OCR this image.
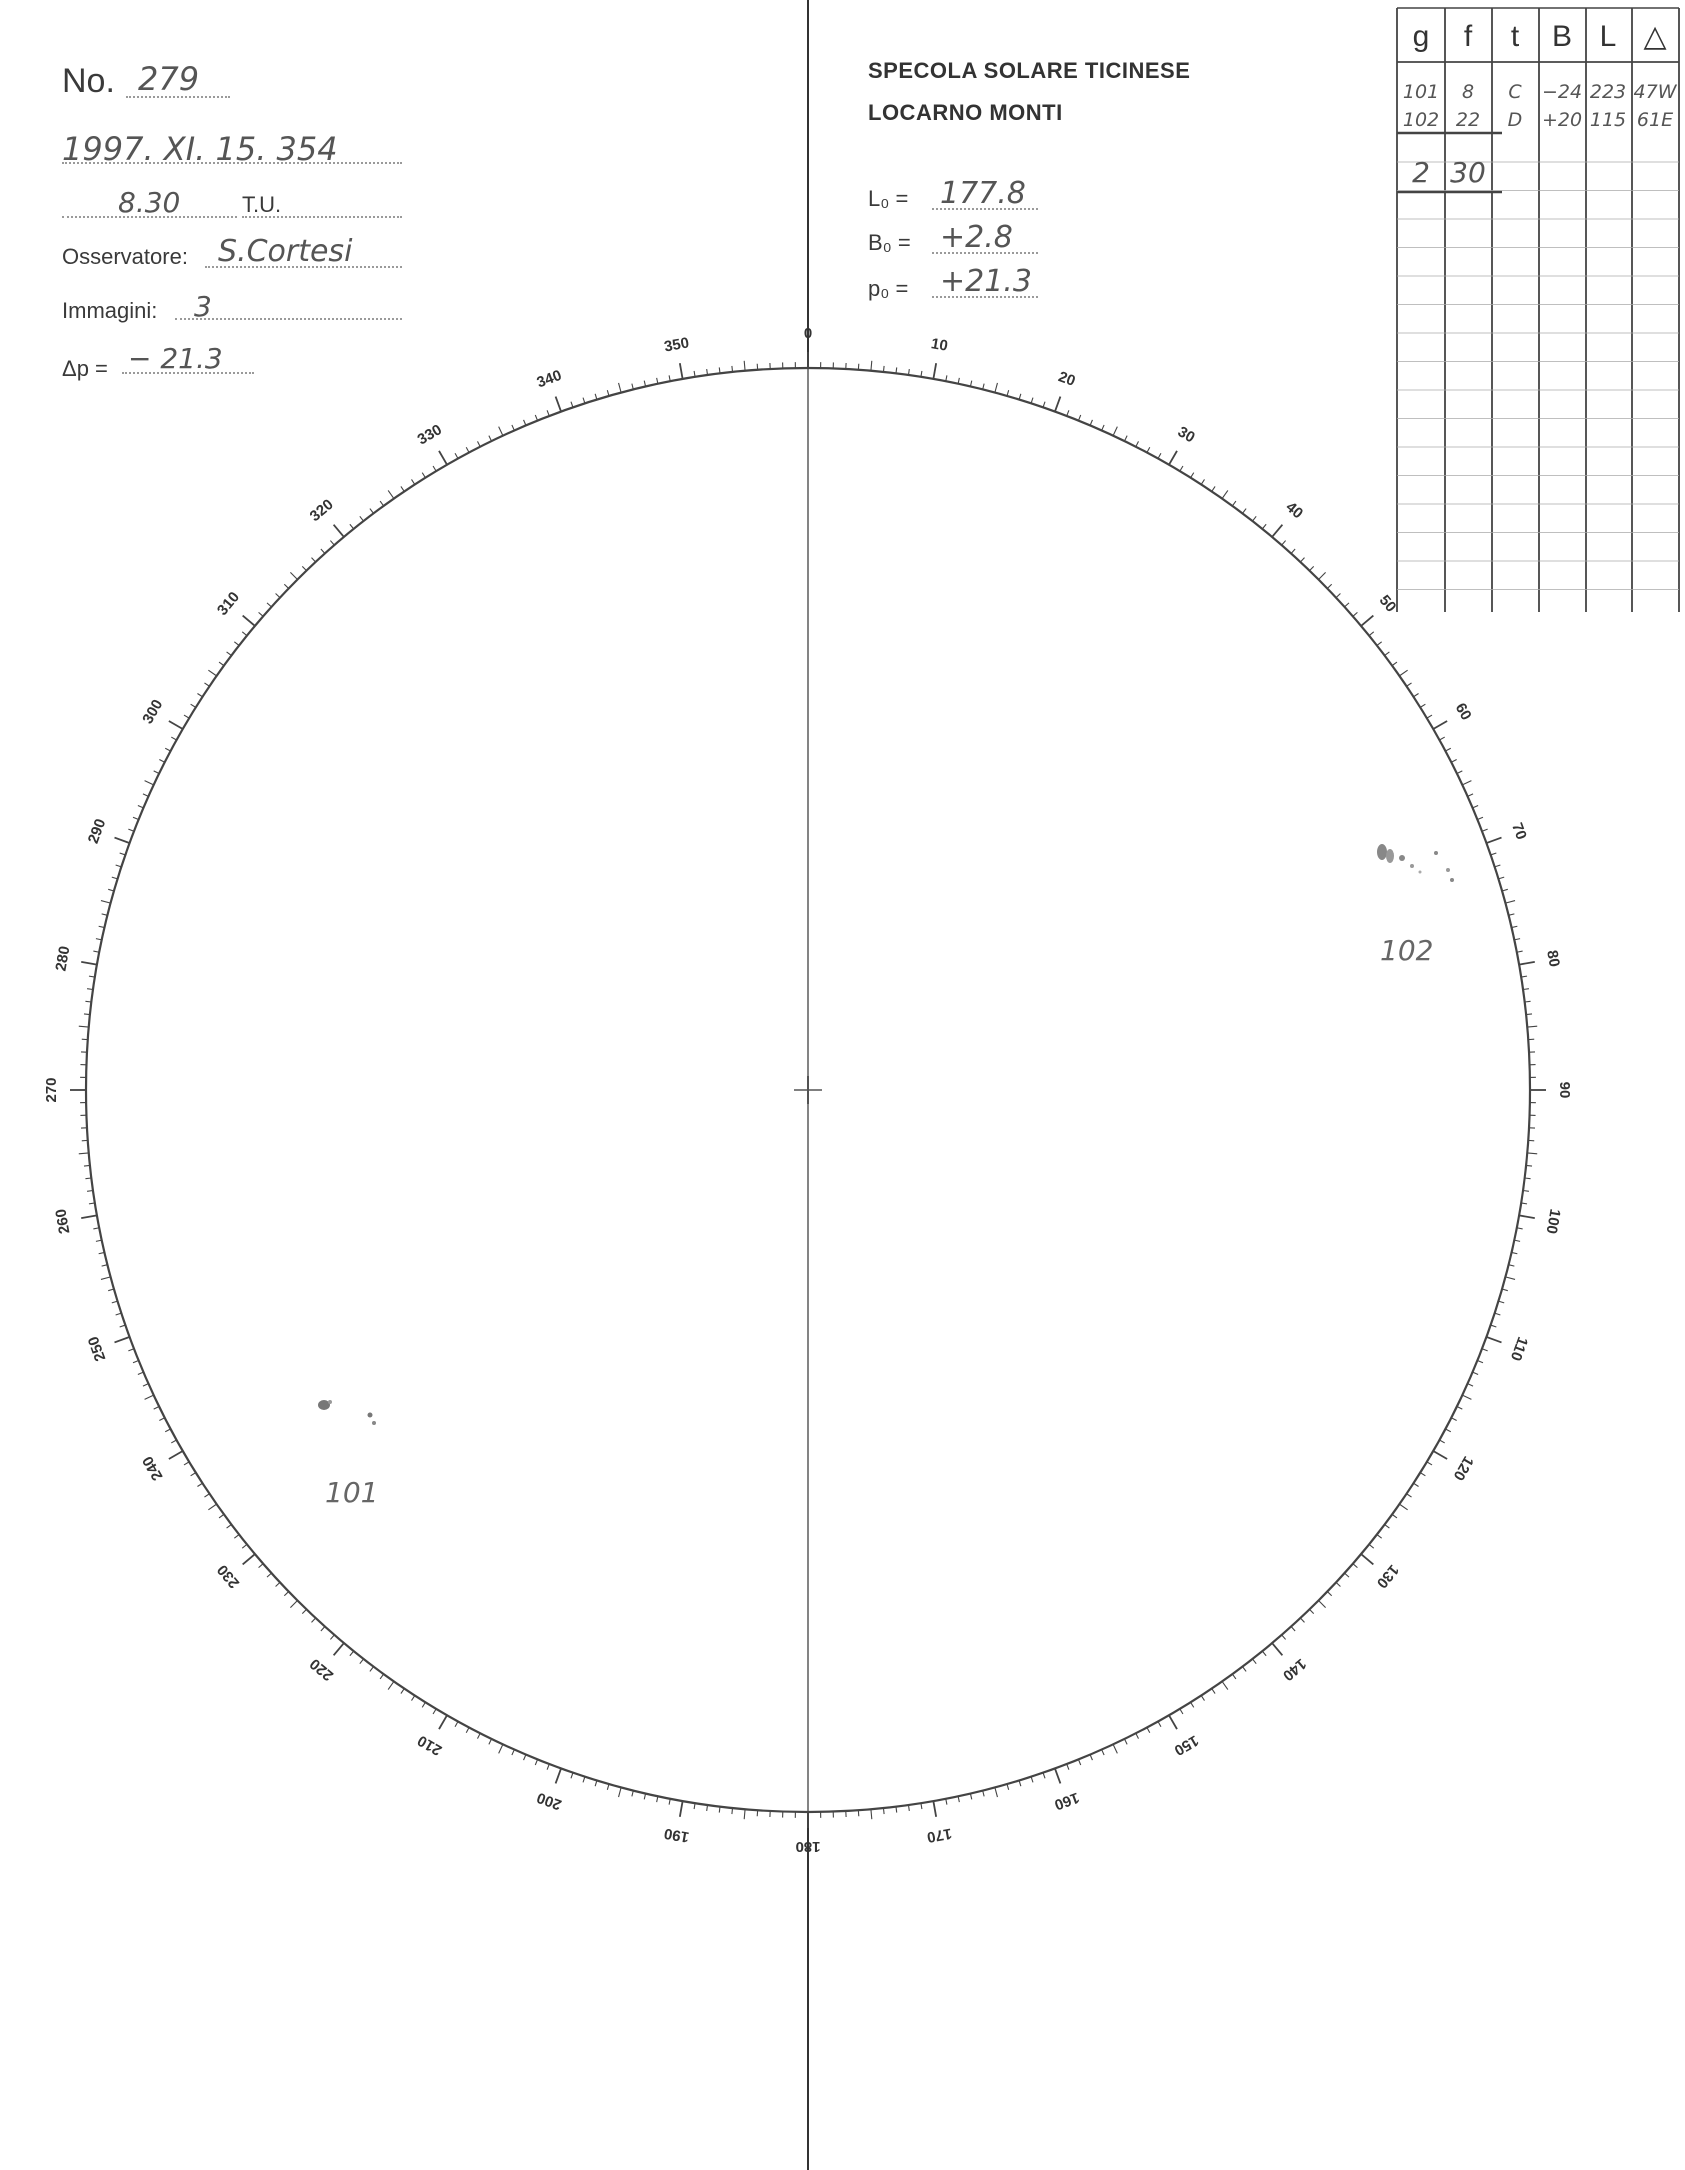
No. 279
1997. XI. 15. 354
8.30	T.U.
Osservatore: S.Cortesi
Immagini: 3
Δp = − 21.3
SPECOLA SOLARE TICINESE
LOCARNO MONTI
L₀ = 177.8
B₀ = +2.8
p₀ = +21.3
0
10
20
30
40
50
60
70
80
90
100
110
120
130
140
150
160
170
180
190
200
210
220
230
240
250
260
270
280
290
300
310
320
330
340
350
101
102
g f t B L △
101 8 C −24 223 47W
102 22 D +20 115 61E
2 30
